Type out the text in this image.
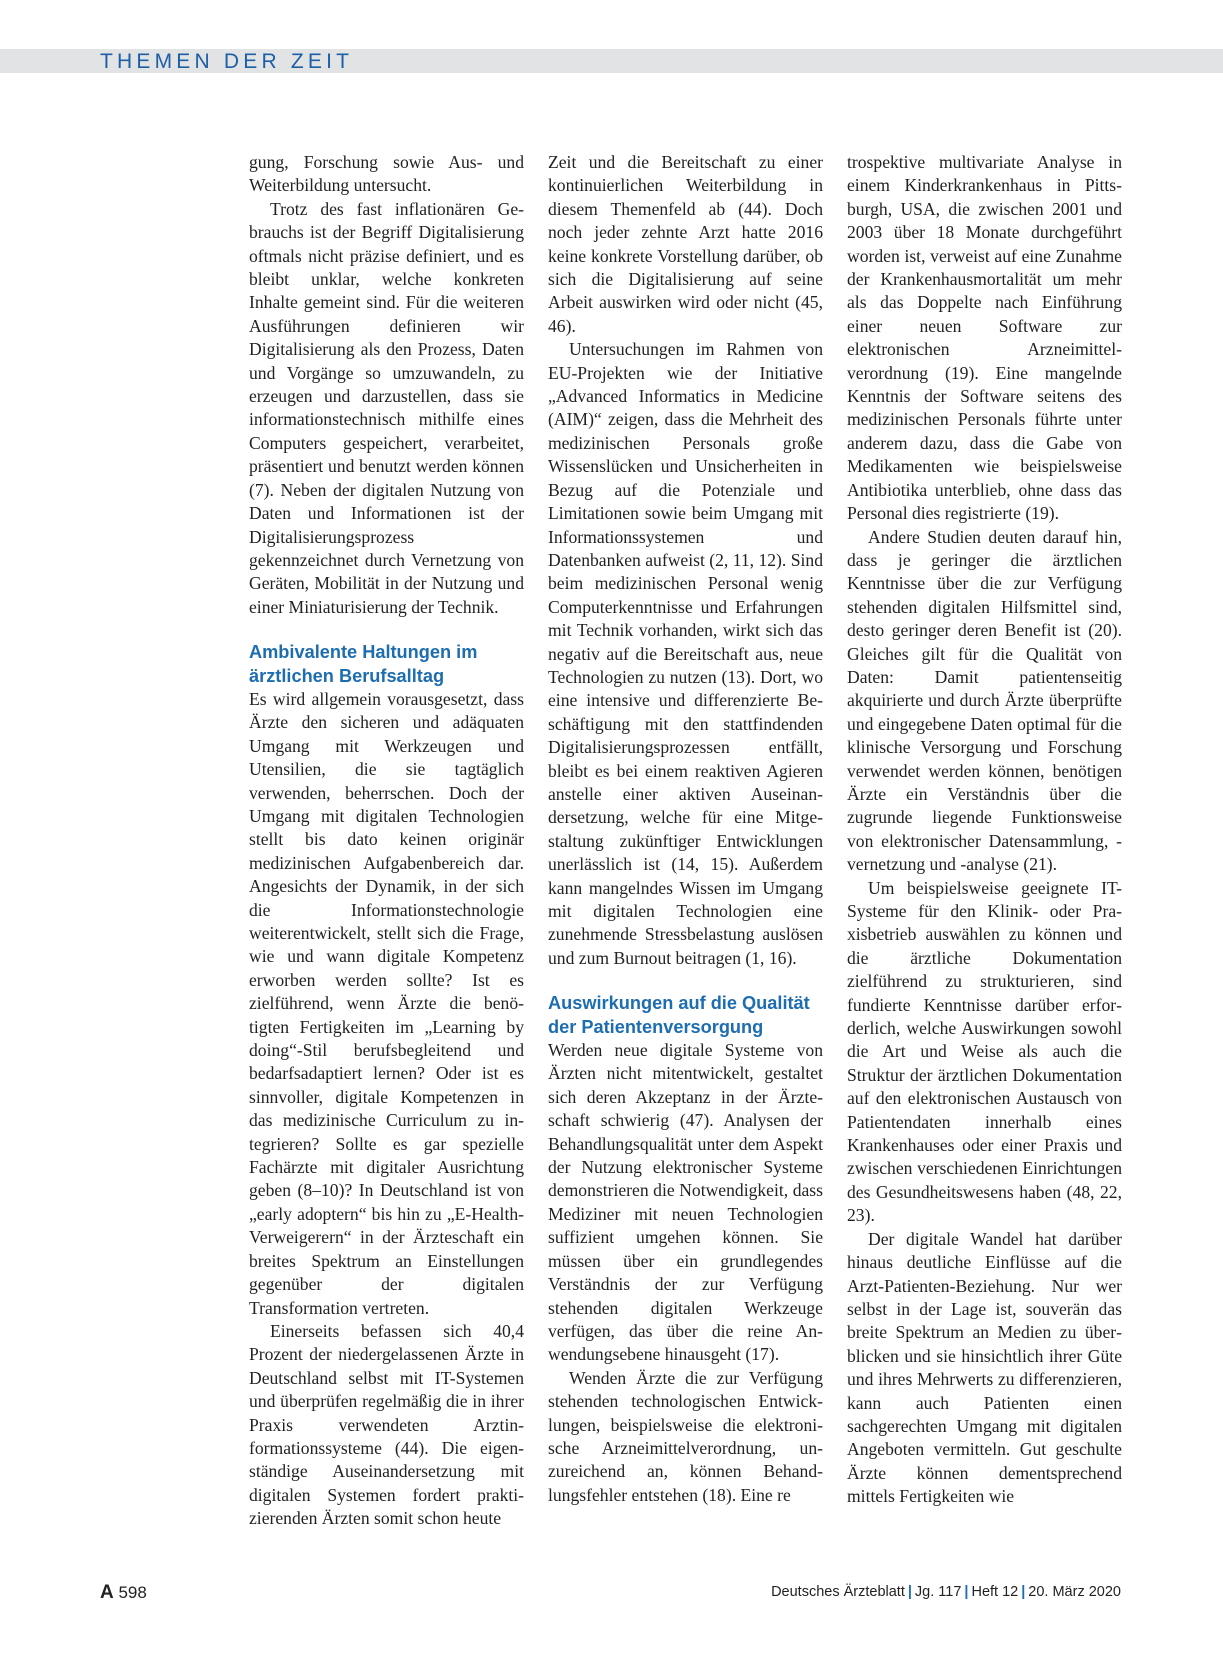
THEMEN DER ZEIT

gung, Forschung sowie Aus- und Weiterbildung untersucht.

Trotz des fast inflationären Gebrauchs ist der Begriff Digitalisierung oftmals nicht präzise definiert, und es bleibt unklar, welche konkreten Inhalte gemeint sind. Für die weiteren Ausführungen definieren wir Digitalisierung als den Prozess, Daten und Vorgänge so umzuwandeln, zu erzeugen und darzustellen, dass sie informationstechnisch mithilfe eines Computers gespeichert, verarbeitet, präsentiert und benutzt werden können (7). Neben der digitalen Nutzung von Daten und Informationen ist der Digitalisierungsprozess gekennzeichnet durch Vernetzung von Geräten, Mobilität in der Nutzung und einer Miniaturisierung der Technik.

Ambivalente Haltungen im ärztlichen Berufsalltag

Es wird allgemein vorausgesetzt, dass Ärzte den sicheren und adäquaten Umgang mit Werkzeugen und Utensilien, die sie tagtäglich verwenden, beherrschen. Doch der Umgang mit digitalen Technologien stellt bis dato keinen originär medizinischen Aufgabenbereich dar. Angesichts der Dynamik, in der sich die Informationstechnologie weiterentwickelt, stellt sich die Frage, wie und wann digitale Kompetenz erworben werden sollte? Ist es zielführend, wenn Ärzte die benötigten Fertigkeiten im „Learning by doing“-Stil berufsbegleitend und bedarfsadaptiert lernen? Oder ist es sinnvoller, digitale Kompetenzen in das medizinische Curriculum zu integrieren? Sollte es gar spezielle Fachärzte mit digitaler Ausrichtung geben (8–10)? In Deutschland ist von „early adoptern“ bis hin zu „E-Health-Verweigerern“ in der Ärzteschaft ein breites Spektrum an Einstellungen gegenüber der digitalen Transformation vertreten.

Einerseits befassen sich 40,4 Prozent der niedergelassenen Ärzte in Deutschland selbst mit IT-Systemen und überprüfen regelmäßig die in ihrer Praxis verwendeten Arztinformationssysteme (44). Die eigenständige Auseinandersetzung mit digitalen Systemen fordert praktizierenden Ärzten somit schon heute

Zeit und die Bereitschaft zu einer kontinuierlichen Weiterbildung in diesem Themenfeld ab (44). Doch noch jeder zehnte Arzt hatte 2016 keine konkrete Vorstellung darüber, ob sich die Digitalisierung auf seine Arbeit auswirken wird oder nicht (45, 46).

Untersuchungen im Rahmen von EU-Projekten wie der Initiative „Advanced Informatics in Medicine (AIM)“ zeigen, dass die Mehrheit des medizinischen Personals große Wissenslücken und Unsicherheiten in Bezug auf die Potenziale und Limitationen sowie beim Umgang mit Informationssystemen und Datenbanken aufweist (2, 11, 12). Sind beim medizinischen Personal wenig Computerkenntnisse und Erfahrungen mit Technik vorhanden, wirkt sich das negativ auf die Bereitschaft aus, neue Technologien zu nutzen (13). Dort, wo eine intensive und differenzierte Beschäftigung mit den stattfindenden Digitalisierungsprozessen entfällt, bleibt es bei einem reaktiven Agieren anstelle einer aktiven Auseinandersetzung, welche für eine Mitgestaltung zukünftiger Entwicklungen unerlässlich ist (14, 15). Außerdem kann mangelndes Wissen im Umgang mit digitalen Technologien eine zunehmende Stressbelastung auslösen und zum Burnout beitragen (1, 16).

Auswirkungen auf die Qualität der Patientenversorgung

Werden neue digitale Systeme von Ärzten nicht mitentwickelt, gestaltet sich deren Akzeptanz in der Ärzteschaft schwierig (47). Analysen der Behandlungsqualität unter dem Aspekt der Nutzung elektronischer Systeme demonstrieren die Notwendigkeit, dass Mediziner mit neuen Technologien suffizient umgehen können. Sie müssen über ein grundlegendes Verständnis der zur Verfügung stehenden digitalen Werkzeuge verfügen, das über die reine Anwendungsebene hinausgeht (17).

Wenden Ärzte die zur Verfügung stehenden technologischen Entwicklungen, beispielsweise die elektronische Arzneimittelverordnung, unzureichend an, können Behandlungsfehler entstehen (18). Eine re

trospektive multivariate Analyse in einem Kinderkrankenhaus in Pittsburgh, USA, die zwischen 2001 und 2003 über 18 Monate durchgeführt worden ist, verweist auf eine Zunahme der Krankenhausmortalität um mehr als das Doppelte nach Einführung einer neuen Software zur elektronischen Arzneimittelverordnung (19). Eine mangelnde Kenntnis der Software seitens des medizinischen Personals führte unter anderem dazu, dass die Gabe von Medikamenten wie beispielsweise Antibiotika unterblieb, ohne dass das Personal dies registrierte (19).

Andere Studien deuten darauf hin, dass je geringer die ärztlichen Kenntnisse über die zur Verfügung stehenden digitalen Hilfsmittel sind, desto geringer deren Benefit ist (20). Gleiches gilt für die Qualität von Daten: Damit patientenseitig akquirierte und durch Ärzte überprüfte und eingegebene Daten optimal für die klinische Versorgung und Forschung verwendet werden können, benötigen Ärzte ein Verständnis über die zugrunde liegende Funktionsweise von elektronischer Datensammlung, -vernetzung und -analyse (21).

Um beispielsweise geeignete IT-Systeme für den Klinik- oder Praxisbetrieb auswählen zu können und die ärztliche Dokumentation zielführend zu strukturieren, sind fundierte Kenntnisse darüber erforderlich, welche Auswirkungen sowohl die Art und Weise als auch die Struktur der ärztlichen Dokumentation auf den elektronischen Austausch von Patientendaten innerhalb eines Krankenhauses oder einer Praxis und zwischen verschiedenen Einrichtungen des Gesundheitswesens haben (48, 22, 23).

Der digitale Wandel hat darüber hinaus deutliche Einflüsse auf die Arzt-Patienten-Beziehung. Nur wer selbst in der Lage ist, souverän das breite Spektrum an Medien zu überblicken und sie hinsichtlich ihrer Güte und ihres Mehrwerts zu differenzieren, kann auch Patienten einen sachgerechten Umgang mit digitalen Angeboten vermitteln. Gut geschulte Ärzte können dementsprechend mittels Fertigkeiten wie

A 598	Deutsches Ärzteblatt | Jg. 117 | Heft 12 | 20. März 2020
